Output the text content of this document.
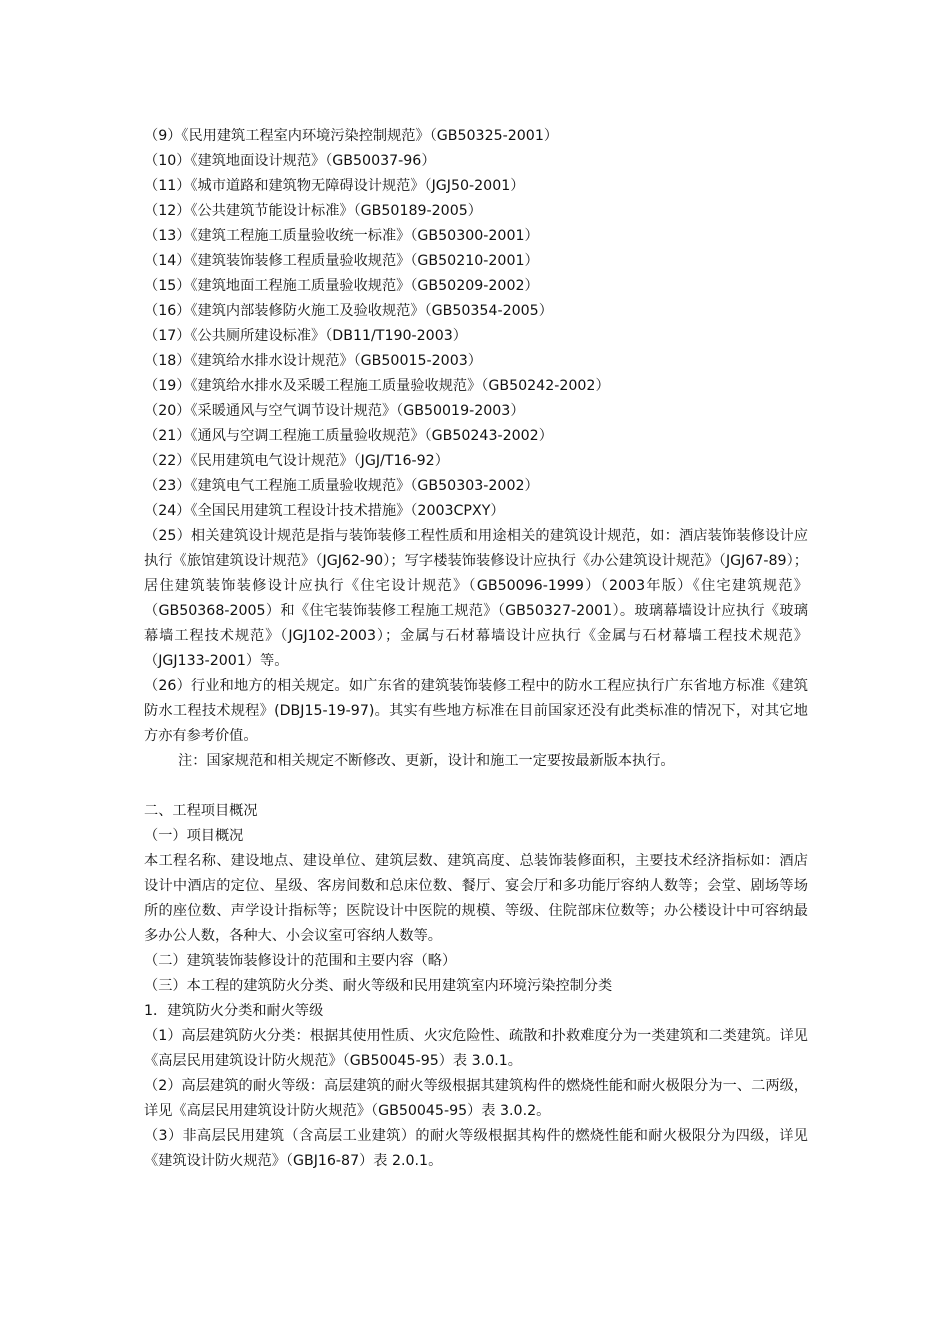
（9）《民用建筑工程室内环境污染控制规范》（GB50325-2001）
（10）《建筑地面设计规范》（GB50037-96）
（11）《城市道路和建筑物无障碍设计规范》（JGJ50-2001）
（12）《公共建筑节能设计标准》（GB50189-2005）
（13）《建筑工程施工质量验收统一标准》（GB50300-2001）
（14）《建筑装饰装修工程质量验收规范》（GB50210-2001）
（15）《建筑地面工程施工质量验收规范》（GB50209-2002）
（16）《建筑内部装修防火施工及验收规范》（GB50354-2005）
（17）《公共厕所建设标准》（DB11/T190-2003）
（18）《建筑给水排水设计规范》（GB50015-2003）
（19）《建筑给水排水及采暖工程施工质量验收规范》（GB50242-2002）
（20）《采暖通风与空气调节设计规范》（GB50019-2003）
（21）《通风与空调工程施工质量验收规范》（GB50243-2002）
（22）《民用建筑电气设计规范》（JGJ/T16-92）
（23）《建筑电气工程施工质量验收规范》（GB50303-2002）
（24）《全国民用建筑工程设计技术措施》（2003CPXY）
（25）相关建筑设计规范是指与装饰装修工程性质和用途相关的建筑设计规范，如：酒店装饰装修设计应执行《旅馆建筑设计规范》（JGJ62-90）；写字楼装饰装修设计应执行《办公建筑设计规范》（JGJ67-89）；居住建筑装饰装修设计应执行《住宅设计规范》（GB50096-1999）（2003年版）《住宅建筑规范》（GB50368-2005）和《住宅装饰装修工程施工规范》（GB50327-2001）。玻璃幕墙设计应执行《玻璃幕墙工程技术规范》（JGJ102-2003）；金属与石材幕墙设计应执行《金属与石材幕墙工程技术规范》（JGJ133-2001）等。
（26）行业和地方的相关规定。如广东省的建筑装饰装修工程中的防水工程应执行广东省地方标准《建筑防水工程技术规程》(DBJ15-19-97)。其实有些地方标准在目前国家还没有此类标准的情况下，对其它地方亦有参考价值。
注：国家规范和相关规定不断修改、更新，设计和施工一定要按最新版本执行。
二、工程项目概况
（一）项目概况
本工程名称、建设地点、建设单位、建筑层数、建筑高度、总装饰装修面积，主要技术经济指标如：酒店设计中酒店的定位、星级、客房间数和总床位数、餐厅、宴会厅和多功能厅容纳人数等；会堂、剧场等场所的座位数、声学设计指标等；医院设计中医院的规模、等级、住院部床位数等；办公楼设计中可容纳最多办公人数，各种大、小会议室可容纳人数等。
（二）建筑装饰装修设计的范围和主要内容（略）
（三）本工程的建筑防火分类、耐火等级和民用建筑室内环境污染控制分类
1．建筑防火分类和耐火等级
（1）高层建筑防火分类：根据其使用性质、火灾危险性、疏散和扑救难度分为一类建筑和二类建筑。详见《高层民用建筑设计防火规范》（GB50045-95）表 3.0.1。
（2）高层建筑的耐火等级：高层建筑的耐火等级根据其建筑构件的燃烧性能和耐火极限分为一、二两级，详见《高层民用建筑设计防火规范》（GB50045-95）表 3.0.2。
（3）非高层民用建筑（含高层工业建筑）的耐火等级根据其构件的燃烧性能和耐火极限分为四级，详见《建筑设计防火规范》（GBJ16-87）表 2.0.1。
